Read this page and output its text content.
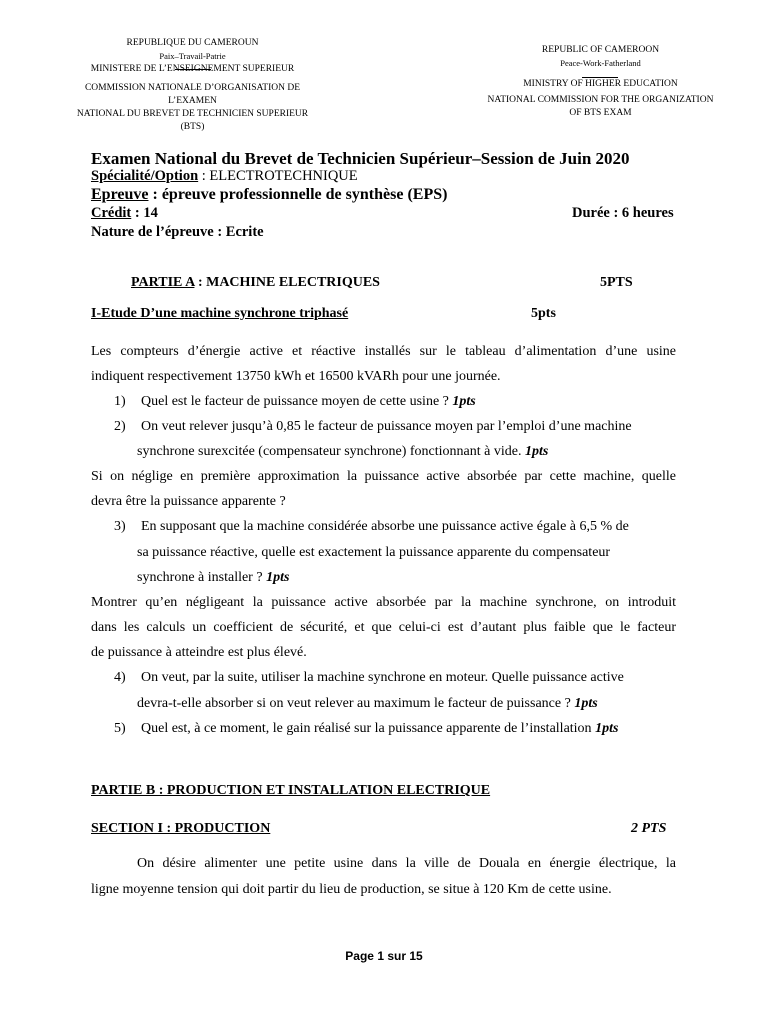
REPUBLIQUE DU CAMEROUN
Paix–Travail-Patrie
MINISTERE DE L’ENSEIGNEMENT SUPERIEUR
COMMISSION NATIONALE D’ORGANISATION DE
L’EXAMEN
NATIONAL DU BREVET DE TECHNICIEN SUPERIEUR
(BTS)
REPUBLIC OF CAMEROON
Peace-Work-Fatherland
MINISTRY OF HIGHER EDUCATION
NATIONAL COMMISSION FOR THE ORGANIZATION
OF BTS EXAM
Examen National du Brevet de Technicien Supérieur–Session de Juin 2020
Spécialité/Option : ELECTROTECHNIQUE
Epreuve : épreuve professionnelle de synthèse (EPS)
Crédit : 14	Durée : 6 heures
Nature de l’épreuve : Ecrite
PARTIE A : MACHINE ELECTRIQUES	5PTS
I-Etude D’une machine synchrone triphasé	5pts
Les compteurs d’énergie active et réactive installés sur le tableau d’alimentation d’une usine
indiquent respectivement 13750 kWh et 16500 kVARh pour une journée.
1) Quel est le facteur de puissance moyen de cette usine ? 1pts
2) On veut relever jusqu’à 0,85 le facteur de puissance moyen par l’emploi d’une machine
synchrone surexcitée (compensateur synchrone) fonctionnant à vide. 1pts
Si on néglige en première approximation la puissance active absorbée par cette machine, quelle
devra être la puissance apparente ?
3) En supposant que la machine considérée absorbe une puissance active égale à 6,5 % de
sa puissance réactive, quelle est exactement la puissance apparente du compensateur
synchrone à installer ? 1pts
Montrer qu’en négligeant la puissance active absorbée par la machine synchrone, on introduit
dans les calculs un coefficient de sécurité, et que celui-ci est d’autant plus faible que le facteur
de puissance à atteindre est plus élevé.
4) On veut, par la suite, utiliser la machine synchrone en moteur. Quelle puissance active
devra-t-elle absorber si on veut relever au maximum le facteur de puissance ? 1pts
5) Quel est, à ce moment, le gain réalisé sur la puissance apparente de l’installation 1pts
PARTIE B : PRODUCTION ET INSTALLATION ELECTRIQUE
SECTION I : PRODUCTION	2 PTS
On désire alimenter une petite usine dans la ville de Douala en énergie électrique, la
ligne moyenne tension qui doit partir du lieu de production, se situe à 120 Km de cette usine.
Page 1 sur 15
